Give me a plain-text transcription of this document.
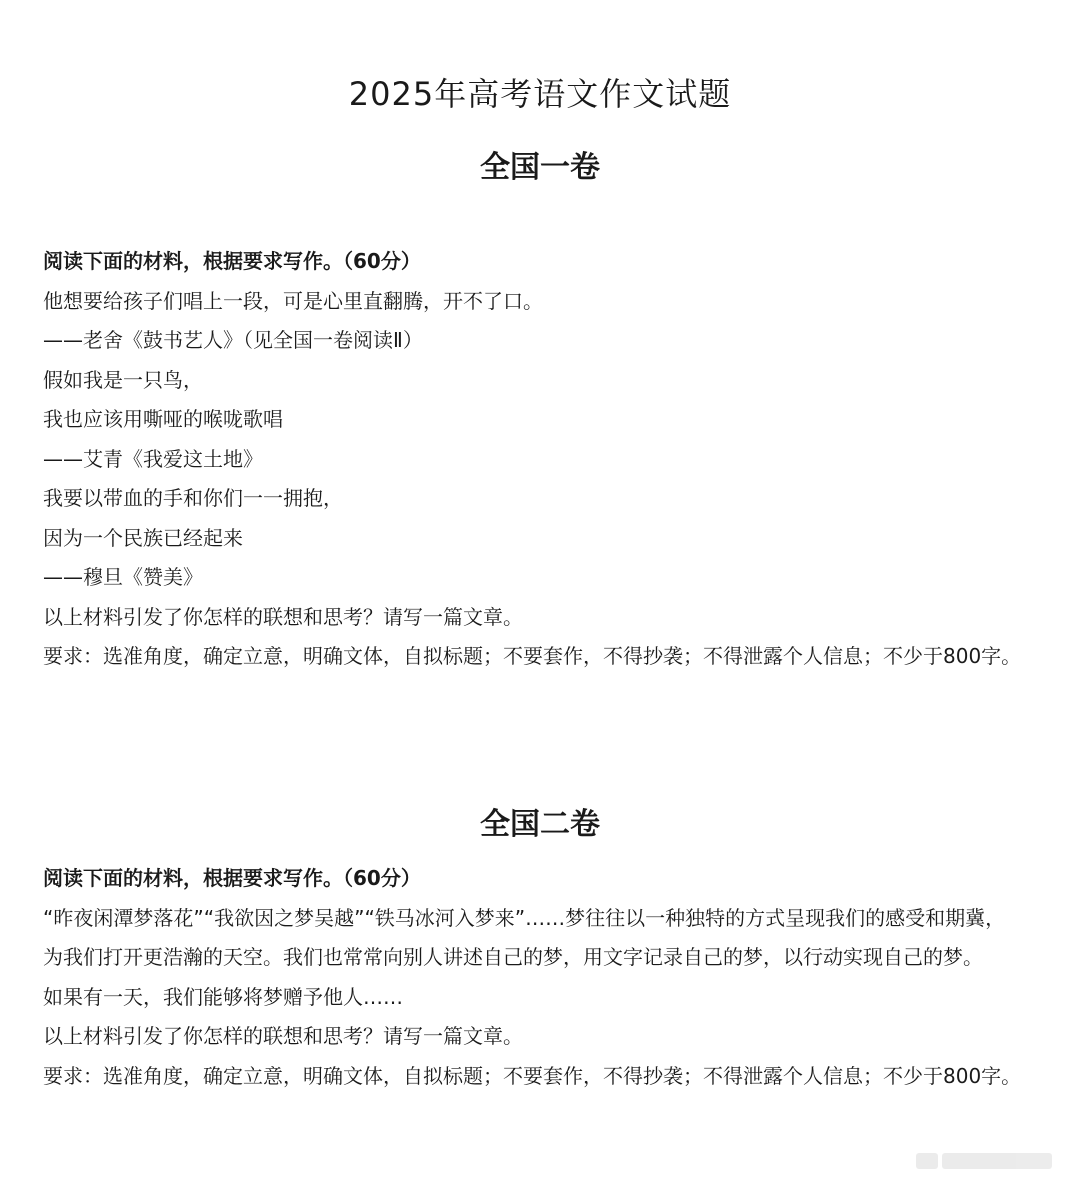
2025年高考语文作文试题
全国一卷

阅读下面的材料，根据要求写作。（60分）

他想要给孩子们唱上一段，可是心里直翻腾，开不了口。

——老舍《鼓书艺人》（见全国一卷阅读Ⅱ）

假如我是一只鸟，

我也应该用嘶哑的喉咙歌唱

——艾青《我爱这土地》

我要以带血的手和你们一一拥抱，

因为一个民族已经起来

——穆旦《赞美》

以上材料引发了你怎样的联想和思考？请写一篇文章。

要求：选准角度，确定立意，明确文体，自拟标题；不要套作，不得抄袭；不得泄露个人信息；不少于800字。

全国二卷

阅读下面的材料，根据要求写作。（60分）

“昨夜闲潭梦落花”“我欲因之梦吴越”“铁马冰河入梦来”……梦往往以一种独特的方式呈现我们的感受和期冀，为我们打开更浩瀚的天空。我们也常常向别人讲述自己的梦，用文字记录自己的梦，以行动实现自己的梦。

如果有一天，我们能够将梦赠予他人……

以上材料引发了你怎样的联想和思考？请写一篇文章。

要求：选准角度，确定立意，明确文体，自拟标题；不要套作，不得抄袭；不得泄露个人信息；不少于800字。
